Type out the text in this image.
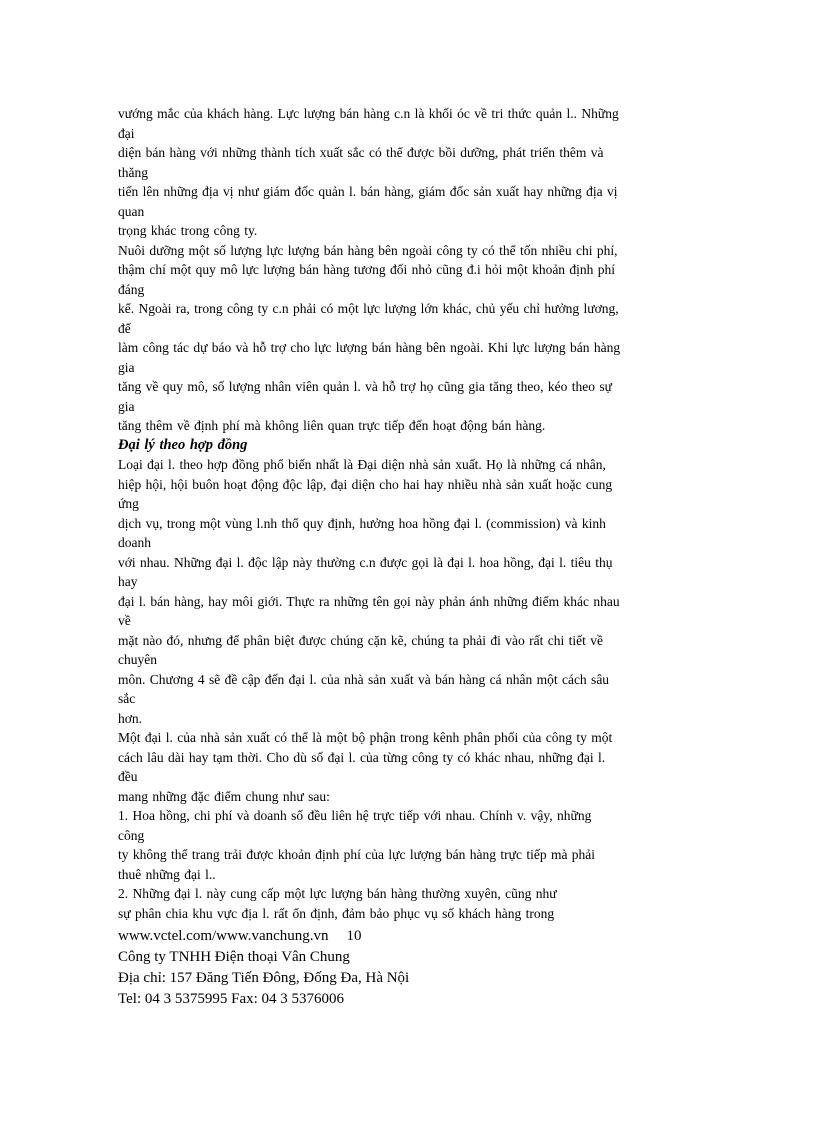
vướng mắc của khách hàng. Lực lượng bán hàng c.n là khối óc về tri thức quản l.. Những
đại
diện bán hàng với những thành tích xuất sắc có thể được bồi dưỡng, phát triển thêm và
thăng
tiến lên những địa vị như giám đốc quản l. bán hàng, giám đốc sản xuất hay những địa vị
quan
trọng khác trong công ty.
Nuôi dưỡng một số lượng lực lượng bán hàng bên ngoài công ty có thể tốn nhiều chi phí,
thậm chí một quy mô lực lượng bán hàng tương đối nhỏ cũng đ.i hỏi một khoản định phí
đáng
kể. Ngoài ra, trong công ty c.n phải có một lực lượng lớn khác, chủ yếu chỉ hưởng lương,
để
làm công tác dự báo và hỗ trợ cho lực lượng bán hàng bên ngoài. Khi lực lượng bán hàng
gia
tăng về quy mô, số lượng nhân viên quản l. và hỗ trợ họ cũng gia tăng theo, kéo theo sự
gia
tăng thêm về định phí mà không liên quan trực tiếp đến hoạt động bán hàng.
Đại lý theo hợp đồng
Loại đại l. theo hợp đồng phổ biến nhất là Đại diện nhà sản xuất. Họ là những cá nhân,
hiệp hội, hội buôn hoạt động độc lập, đại diện cho hai hay nhiều nhà sản xuất hoặc cung
ứng
dịch vụ, trong một vùng l.nh thổ quy định, hưởng hoa hồng đại l. (commission) và kinh
doanh
với nhau. Những đại l. độc lập này thường c.n được gọi là đại l. hoa hồng, đại l. tiêu thụ
hay
đại l. bán hàng, hay môi giới. Thực ra những tên gọi này phản ánh những điểm khác nhau
về
mặt nào đó, nhưng để phân biệt được chúng cặn kẽ, chúng ta phải đi vào rất chi tiết về
chuyên
môn. Chương 4 sẽ đề cập đến đại l. của nhà sản xuất và bán hàng cá nhân một cách sâu
sắc
hơn.
Một đại l. của nhà sản xuất có thể là một bộ phận trong kênh phân phối của công ty một
cách lâu dài hay tạm thời. Cho dù số đại l. của từng công ty có khác nhau, những đại l.
đều
mang những đặc điểm chung như sau:
1. Hoa hồng, chi phí và doanh số đều liên hệ trực tiếp với nhau. Chính v. vậy, những
công
ty không thể trang trải được khoản định phí của lực lượng bán hàng trực tiếp mà phải
thuê những đại l..
2. Những đại l. này cung cấp một lực lượng bán hàng thường xuyên, cũng như
sự phân chia khu vực địa l. rất ổn định, đảm bảo phục vụ số khách hàng trong
www.vctel.com/www.vanchung.vn 10
Công ty TNHH Điện thoại Vân Chung
Địa chỉ: 157 Đăng Tiến Đông, Đống Đa, Hà Nội
Tel: 04 3 5375995 Fax: 04 3 5376006
